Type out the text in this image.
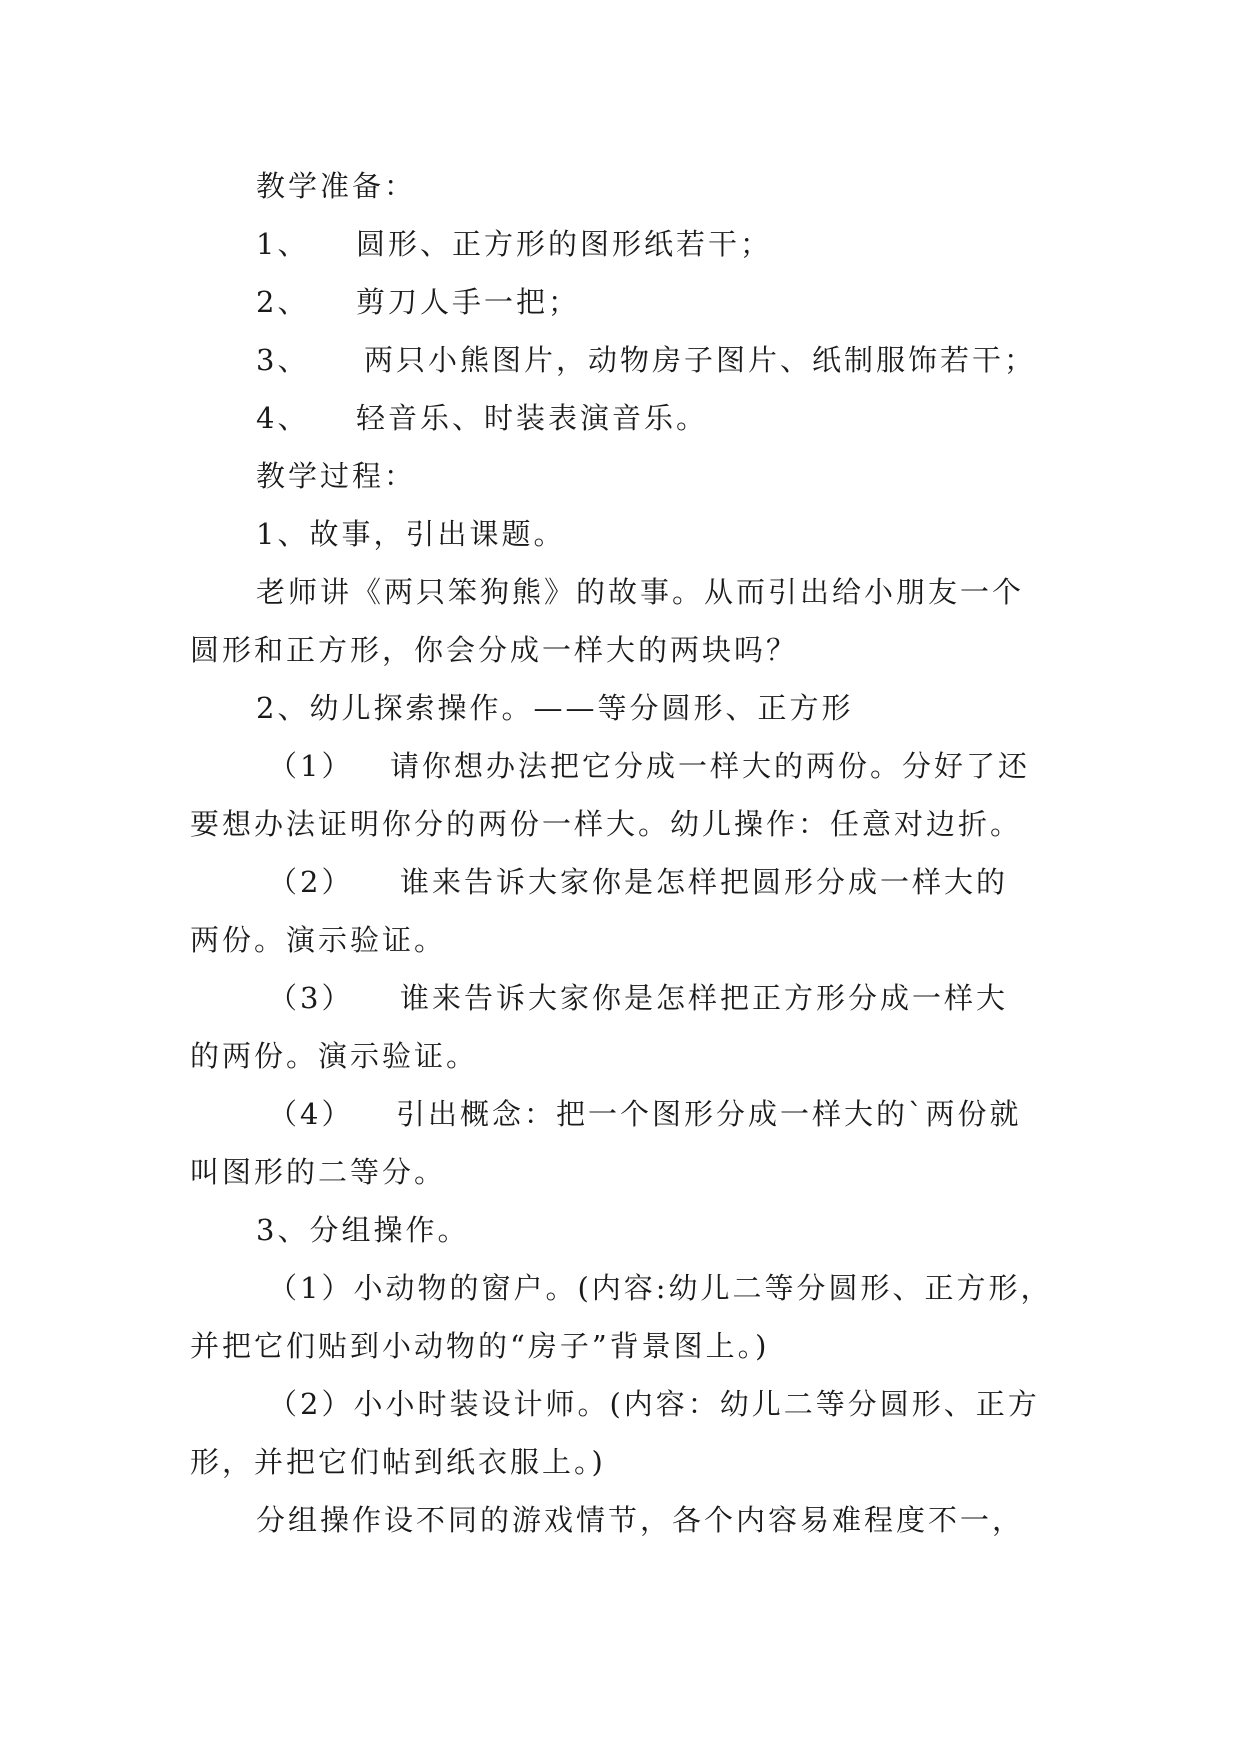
教学准备：
1、 圆形、正方形的图形纸若干；
2、 剪刀人手一把；
3、 两只小熊图片，动物房子图片、纸制服饰若干；
4、 轻音乐、时装表演音乐。
教学过程：
1、故事，引出课题。
老师讲《两只笨狗熊》的故事。从而引出给小朋友一个
圆形和正方形，你会分成一样大的两块吗？
2、幼儿探索操作。——等分圆形、正方形
（1） 请你想办法把它分成一样大的两份。分好了还
要想办法证明你分的两份一样大。幼儿操作：任意对边折。
（2） 谁来告诉大家你是怎样把圆形分成一样大的
两份。演示验证。
（3） 谁来告诉大家你是怎样把正方形分成一样大
的两份。演示验证。
（4） 引出概念：把一个图形分成一样大的`两份就
叫图形的二等分。
3、分组操作。
（1）小动物的窗户。(内容:幼儿二等分圆形、正方形，
并把它们贴到小动物的“房子”背景图上。)
（2）小小时装设计师。(内容：幼儿二等分圆形、正方
形，并把它们帖到纸衣服上。)
分组操作设不同的游戏情节，各个内容易难程度不一，
